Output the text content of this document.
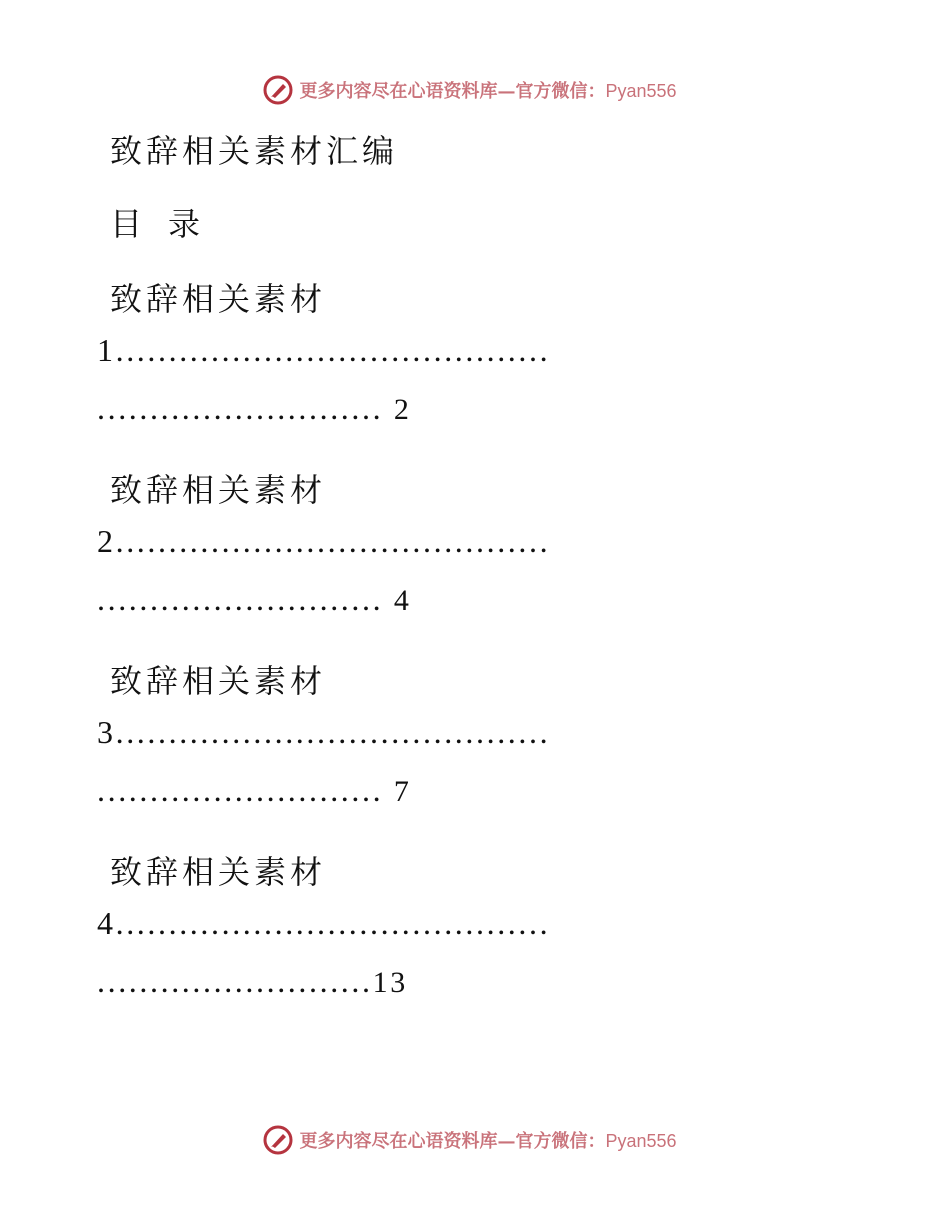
更多内容尽在心语资料库—官方微信：Pyan556
致辞相关素材汇编
目 录
致辞相关素材
1.........................................
........................... 2
致辞相关素材
2.........................................
........................... 4
致辞相关素材
3.........................................
........................... 7
致辞相关素材
4.........................................
..........................13
更多内容尽在心语资料库—官方微信：Pyan556
